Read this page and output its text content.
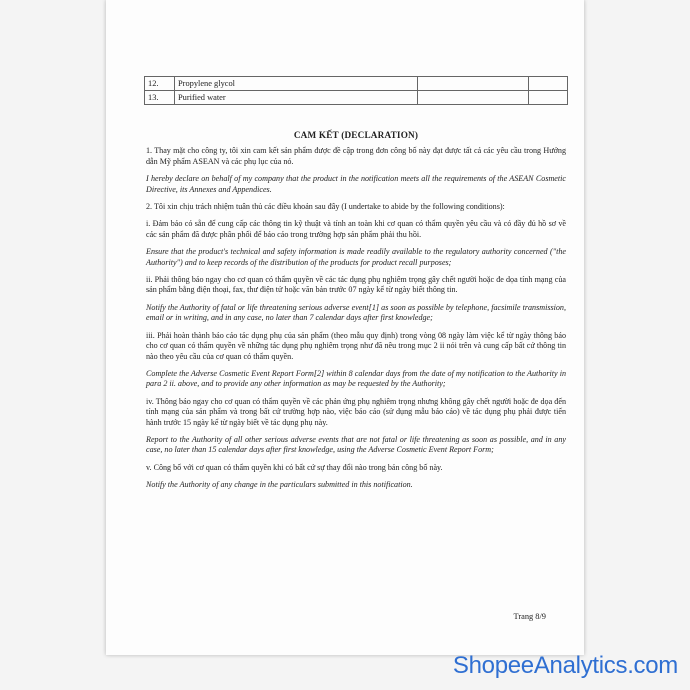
12.	Propylene glycol		
13.	Purified water		
CAM KẾT (DECLARATION)

1. Thay mặt cho công ty, tôi xin cam kết sản phẩm được đề cập trong đơn công bố này đạt được tất cả các yêu cầu trong Hướng dẫn Mỹ phẩm ASEAN và các phụ lục của nó.

I hereby declare on behalf of my company that the product in the notification meets all the requirements of the ASEAN Cosmetic Directive, its Annexes and Appendices.

2. Tôi xin chịu trách nhiệm tuân thủ các điều khoản sau đây (I undertake to abide by the following conditions):

i. Đảm bảo có sẵn để cung cấp các thông tin kỹ thuật và tính an toàn khi cơ quan có thẩm quyền yêu cầu và có đầy đủ hồ sơ về các sản phẩm đã được phân phối để báo cáo trong trường hợp sản phẩm phải thu hồi.

Ensure that the product's technical and safety information is made readily available to the regulatory authority concerned ("the Authority") and to keep records of the distribution of the products for product recall purposes;

ii. Phải thông báo ngay cho cơ quan có thẩm quyền về các tác dụng phụ nghiêm trọng gây chết người hoặc đe dọa tính mạng của sản phẩm bằng điện thoại, fax, thư điện tử hoặc văn bản trước 07 ngày kể từ ngày biết thông tin.

Notify the Authority of fatal or life threatening serious adverse event[1] as soon as possible by telephone, facsimile transmission, email or in writing, and in any case, no later than 7 calendar days after first knowledge;

iii. Phải hoàn thành báo cáo tác dụng phụ của sản phẩm (theo mẫu quy định) trong vòng 08 ngày làm việc kể từ ngày thông báo cho cơ quan có thẩm quyền về những tác dụng phụ nghiêm trọng như đã nêu trong mục 2 ii nói trên và cung cấp bất cứ thông tin nào theo yêu cầu của cơ quan có thẩm quyền.

Complete the Adverse Cosmetic Event Report Form[2] within 8 calendar days from the date of my notification to the Authority in para 2 ii. above, and to provide any other information as may be requested by the Authority;

iv. Thông báo ngay cho cơ quan có thẩm quyền về các phản ứng phụ nghiêm trọng nhưng không gây chết người hoặc đe dọa đến tính mạng của sản phẩm và trong bất cứ trường hợp nào, việc báo cáo (sử dụng mẫu báo cáo) về tác dụng phụ phải được tiến hành trước 15 ngày kể từ ngày biết về tác dụng phụ này.

Report to the Authority of all other serious adverse events that are not fatal or life threatening as soon as possible, and in any case, no later than 15 calendar days after first knowledge, using the Adverse Cosmetic Event Report Form;

v. Công bố với cơ quan có thẩm quyền khi có bất cứ sự thay đổi nào trong bản công bố này.

Notify the Authority of any change in the particulars submitted in this notification.

Trang 8/9
ShopeeAnalytics.com
